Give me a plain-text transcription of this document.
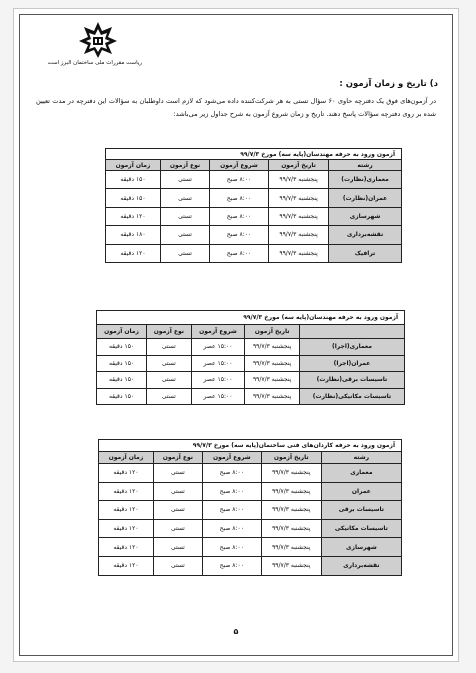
ریاست مقررات ملی ساختمان البرز است
د) تاریخ و زمان آزمون :

در آزمون‌های فوق یک دفترچه حاوی ۶۰ سؤال تستی به هر شرکت‌کننده داده می‌شود که لازم است داوطلبان به سؤالات این دفترچه در مدت تعیین شده بر روی دفترچه سؤالات پاسخ دهند. تاریخ و زمان شروع آزمون به شرح جداول زیر می‌باشد:

آزمون ورود به حرفه مهندسان(پایه سه) مورخ ۹۹/۷/۳				
رشته	تاریخ آزمون	شروع آزمون	نوع آزمون	زمان آزمون
معماری(نظارت)	پنجشنبه ۹۹/۷/۳	۸:۰۰ صبح	تستی	۱۵۰ دقیقه
عمران(نظارت)	پنجشنبه ۹۹/۷/۳	۸:۰۰ صبح	تستی	۱۵۰ دقیقه
شهرسازی	پنجشنبه ۹۹/۷/۳	۸:۰۰ صبح	تستی	۱۲۰ دقیقه
نقشه‌برداری	پنجشنبه ۹۹/۷/۳	۸:۰۰ صبح	تستی	۱۸۰ دقیقه
ترافیک	پنجشنبه ۹۹/۷/۳	۸:۰۰ صبح	تستی	۱۲۰ دقیقه
آزمون ورود به حرفه مهندسان(پایه سه) مورخ ۹۹/۷/۳				
	تاریخ آزمون	شروع آزمون	نوع آزمون	زمان آزمون
معماری(اجرا)	پنجشنبه ۹۹/۷/۳	۱۵:۰۰ عصر	تستی	۱۵۰ دقیقه
عمران(اجرا)	پنجشنبه ۹۹/۷/۳	۱۵:۰۰ عصر	تستی	۱۵۰ دقیقه
تاسیسات برقی(نظارت)	پنجشنبه ۹۹/۷/۳	۱۵:۰۰ عصر	تستی	۱۵۰ دقیقه
تاسیسات مکانیکی(نظارت)	پنجشنبه ۹۹/۷/۳	۱۵:۰۰ عصر	تستی	۱۵۰ دقیقه
آزمون ورود به حرفه کاردان‌های فنی ساختمان(پایه سه) مورخ ۹۹/۷/۳				
رشته	تاریخ آزمون	شروع آزمون	نوع آزمون	زمان آزمون
معماری	پنجشنبه ۹۹/۷/۳	۸:۰۰ صبح	تستی	۱۲۰ دقیقه
عمران	پنجشنبه ۹۹/۷/۳	۸:۰۰ صبح	تستی	۱۲۰ دقیقه
تاسیسات برقی	پنجشنبه ۹۹/۷/۳	۸:۰۰ صبح	تستی	۱۲۰ دقیقه
تاسیسات مکانیکی	پنجشنبه ۹۹/۷/۳	۸:۰۰ صبح	تستی	۱۲۰ دقیقه
شهرسازی	پنجشنبه ۹۹/۷/۳	۸:۰۰ صبح	تستی	۱۲۰ دقیقه
نقشه‌برداری	پنجشنبه ۹۹/۷/۳	۸:۰۰ صبح	تستی	۱۲۰ دقیقه
۵
